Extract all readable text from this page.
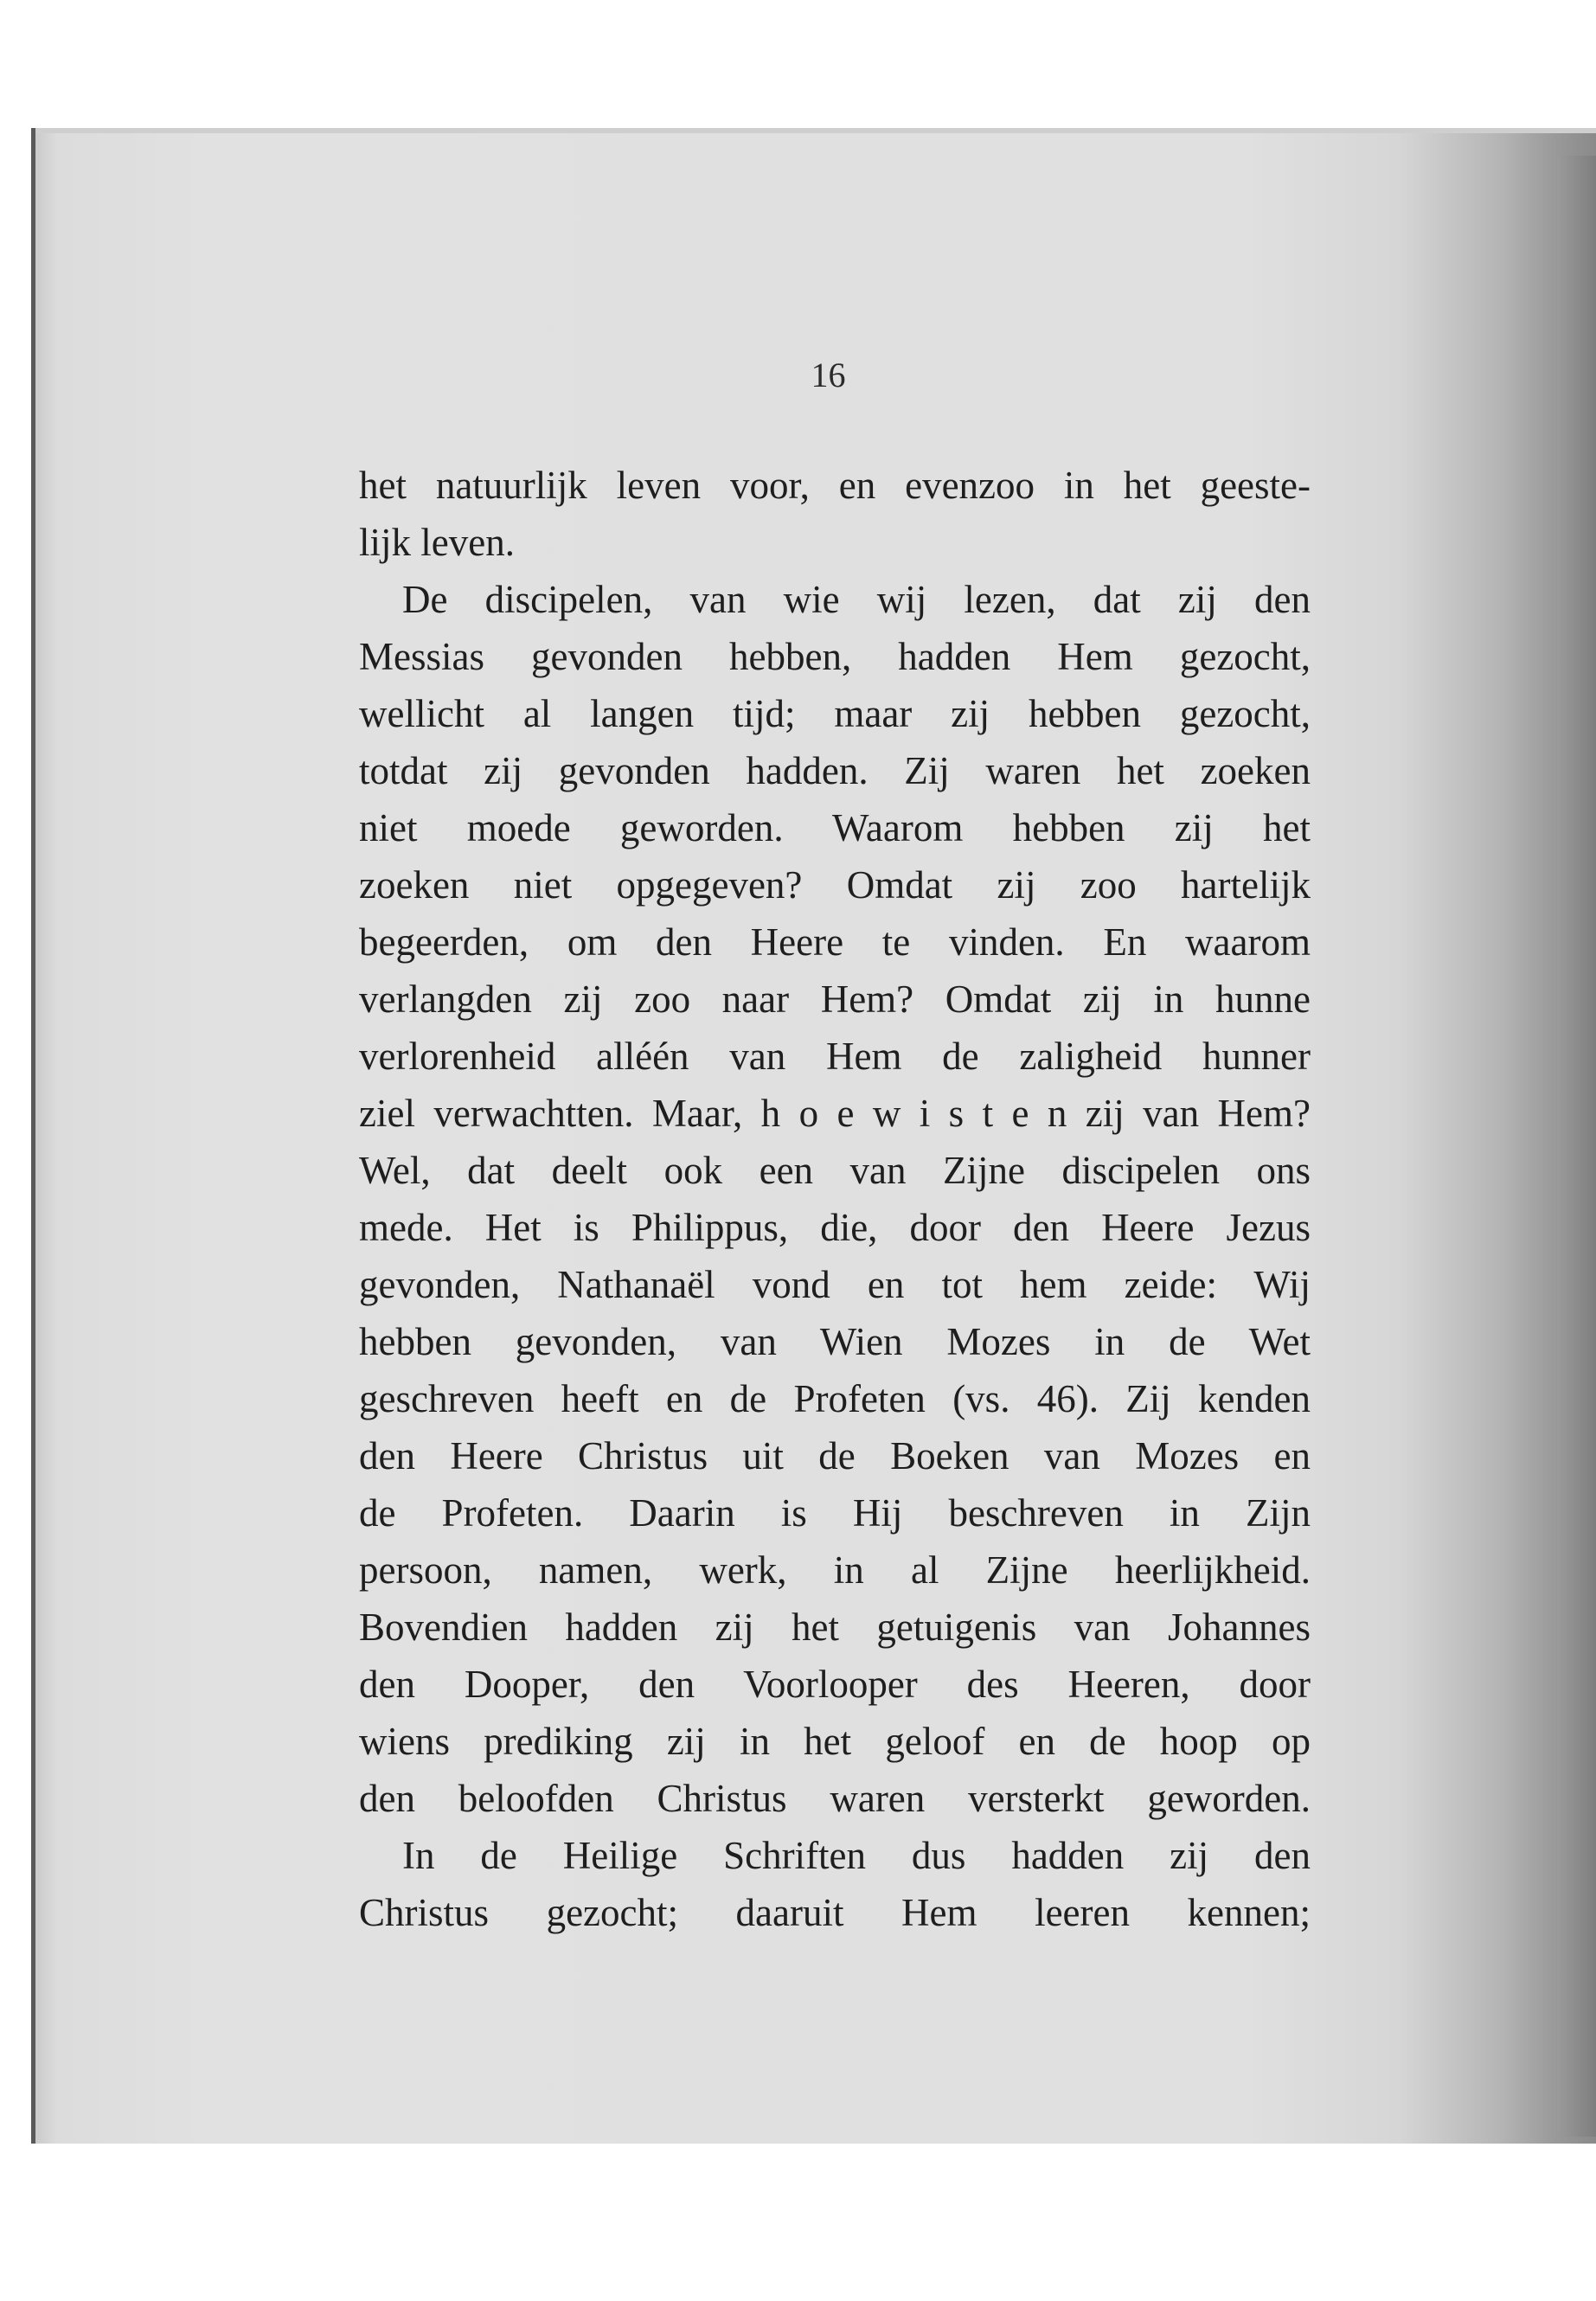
16
het natuurlijk leven voor, en evenzoo in het geeste-
lijk leven.
De discipelen, van wie wij lezen, dat zij den
Messias gevonden hebben, hadden Hem gezocht,
wellicht al langen tijd; maar zij hebben gezocht,
totdat zij gevonden hadden. Zij waren het zoeken
niet moede geworden. Waarom hebben zij het
zoeken niet opgegeven? Omdat zij zoo hartelijk
begeerden, om den Heere te vinden. En waarom
verlangden zij zoo naar Hem? Omdat zij in hunne
verlorenheid alléén van Hem de zaligheid hunner
ziel verwachtten. Maar, h o e w i s t e n zij van Hem?
Wel, dat deelt ook een van Zijne discipelen ons
mede. Het is Philippus, die, door den Heere Jezus
gevonden, Nathanaël vond en tot hem zeide: Wij
hebben gevonden, van Wien Mozes in de Wet
geschreven heeft en de Profeten (vs. 46). Zij kenden
den Heere Christus uit de Boeken van Mozes en
de Profeten. Daarin is Hij beschreven in Zijn
persoon, namen, werk, in al Zijne heerlijkheid.
Bovendien hadden zij het getuigenis van Johannes
den Dooper, den Voorlooper des Heeren, door
wiens prediking zij in het geloof en de hoop op
den beloofden Christus waren versterkt geworden.
In de Heilige Schriften dus hadden zij den
Christus gezocht; daaruit Hem leeren kennen;
